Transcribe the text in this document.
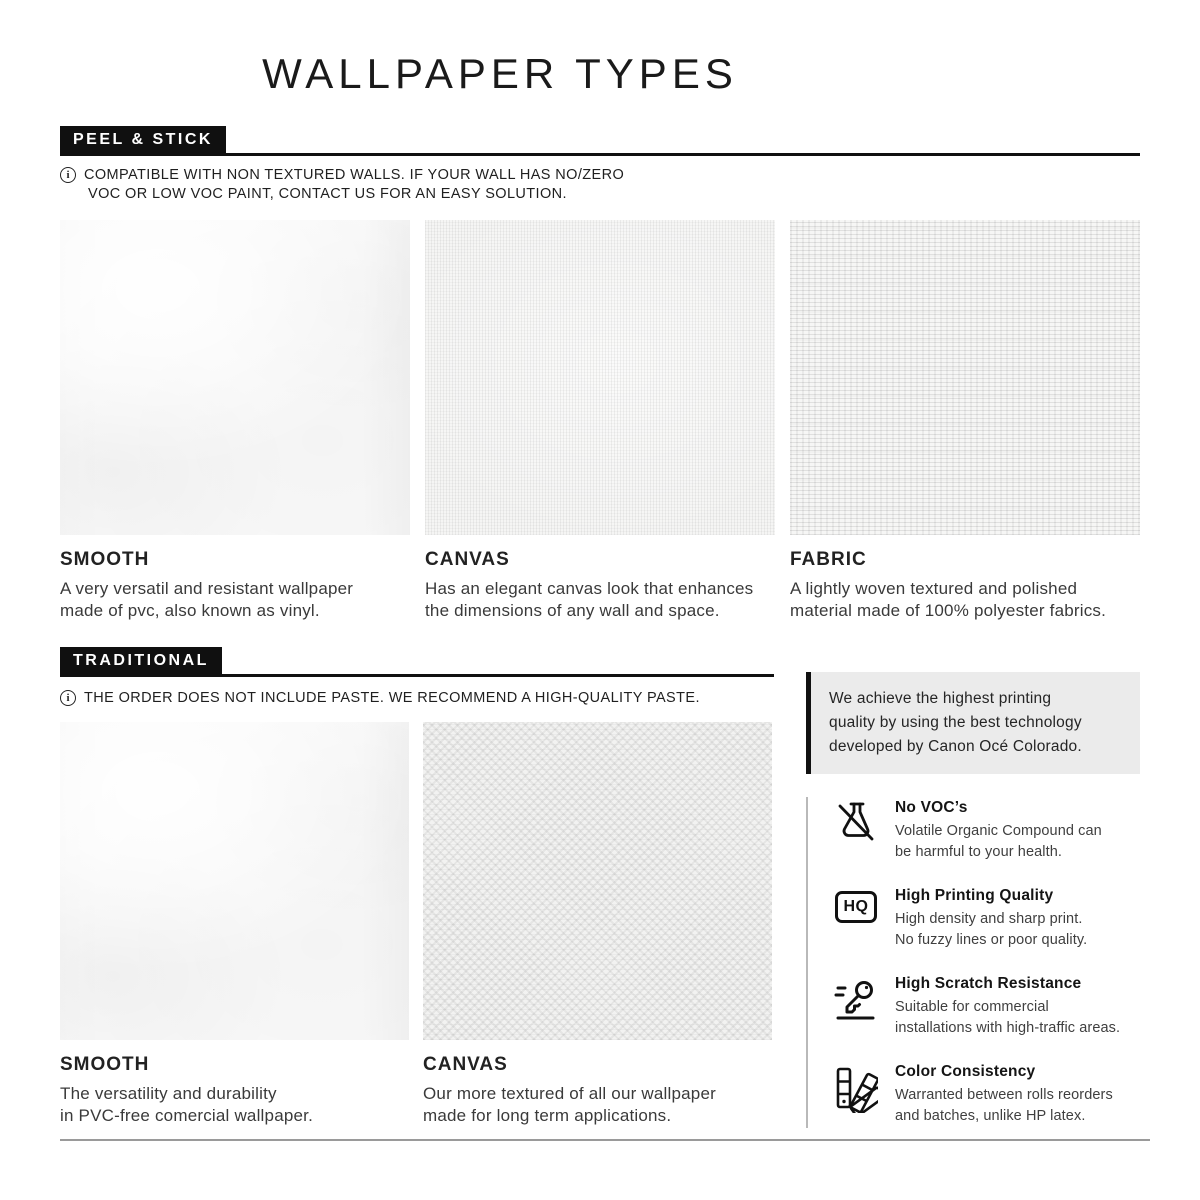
WALLPAPER TYPES
PEEL & STICK
i COMPATIBLE WITH NON TEXTURED WALLS. IF YOUR WALL HAS NO/ZERO
VOC OR LOW VOC PAINT, CONTACT US FOR AN EASY SOLUTION.
SMOOTH

A very versatil and resistant wallpaper
made of pvc, also known as vinyl.

CANVAS

Has an elegant canvas look that enhances
the dimensions of any wall and space.

FABRIC

A lightly woven textured and polished
material made of 100% polyester fabrics.

TRADITIONAL
i THE ORDER DOES NOT INCLUDE PASTE. WE RECOMMEND A HIGH-QUALITY PASTE.
SMOOTH

The versatility and durability
in PVC-free comercial wallpaper.

CANVAS

Our more textured of all our wallpaper
made for long term applications.

We achieve the highest printing
quality by using the best technology
developed by Canon Océ Colorado.
No VOC’s
Volatile Organic Compound can
be harmful to your health.
HQ
High Printing Quality
High density and sharp print.
No fuzzy lines or poor quality.
High Scratch Resistance
Suitable for commercial
installations with high-traffic areas.
Color Consistency
Warranted between rolls reorders
and batches, unlike HP latex.
